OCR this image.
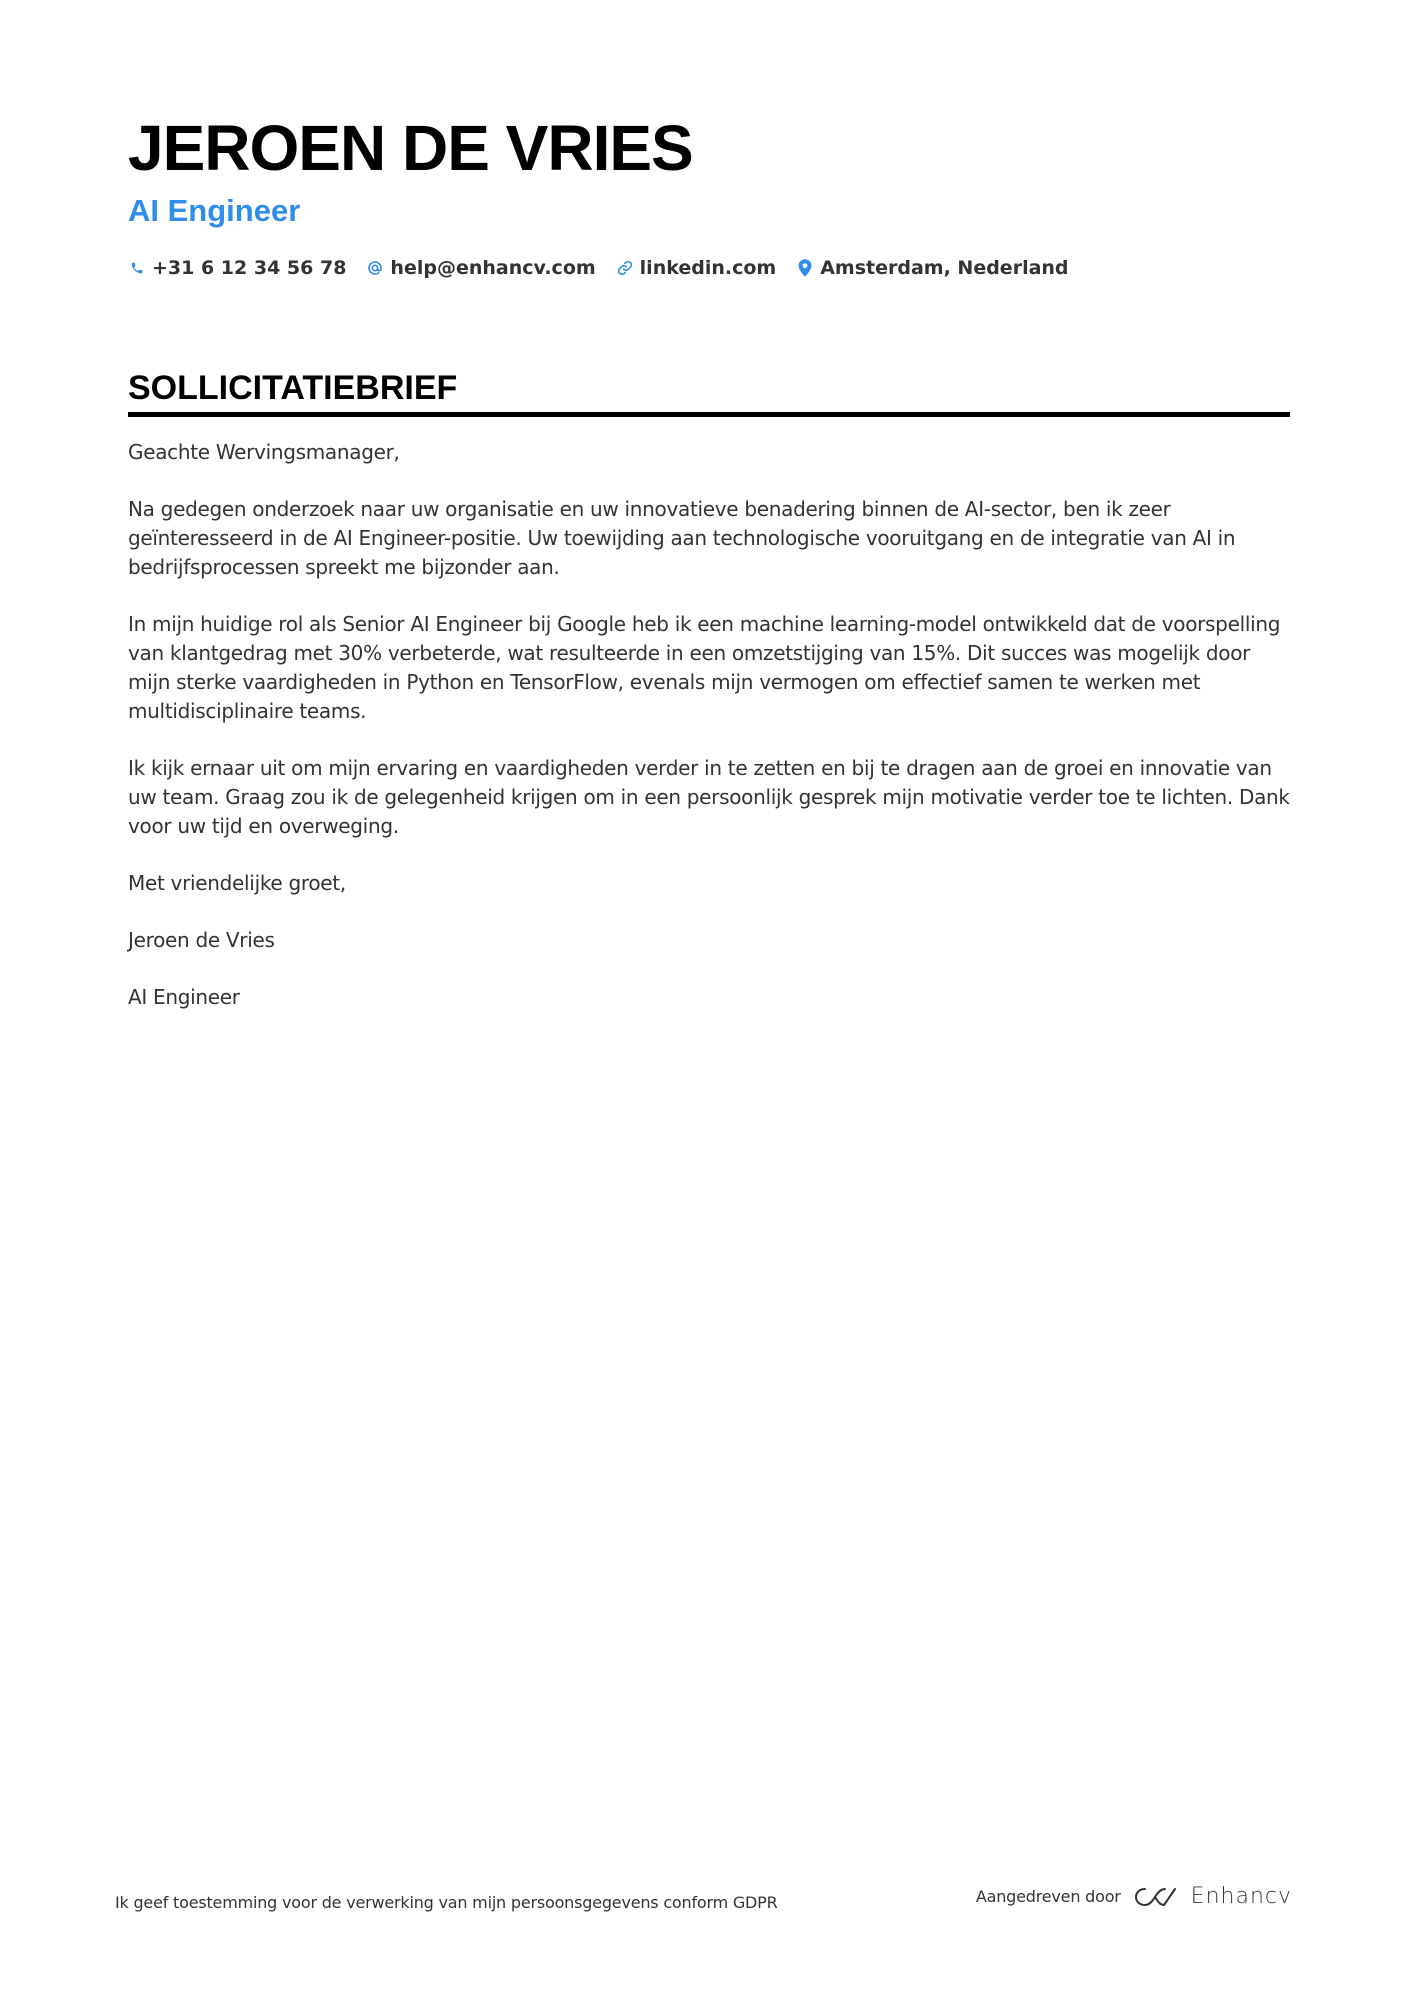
JEROEN DE VRIES
AI Engineer
+31 6 12 34 56 78 help@enhancv.com linkedin.com Amsterdam, Nederland
SOLLICITATIEBRIEF

Geachte Wervingsmanager,

Na gedegen onderzoek naar uw organisatie en uw innovatieve benadering binnen de AI-sector, ben ik zeer geïnteresseerd in de AI Engineer-positie. Uw toewijding aan technologische vooruitgang en de integratie van AI in bedrijfsprocessen spreekt me bijzonder aan.

In mijn huidige rol als Senior AI Engineer bij Google heb ik een machine learning-model ontwikkeld dat de voorspelling van klantgedrag met 30% verbeterde, wat resulteerde in een omzetstijging van 15%. Dit succes was mogelijk door mijn sterke vaardigheden in Python en TensorFlow, evenals mijn vermogen om effectief samen te werken met multidisciplinaire teams.

Ik kijk ernaar uit om mijn ervaring en vaardigheden verder in te zetten en bij te dragen aan de groei en innovatie van uw team. Graag zou ik de gelegenheid krijgen om in een persoonlijk gesprek mijn motivatie verder toe te lichten. Dank voor uw tijd en overweging.

Met vriendelijke groet,

Jeroen de Vries

AI Engineer

Ik geef toestemming voor de verwerking van mijn persoonsgegevens conform GDPR	Aangedreven door	Enhancv
